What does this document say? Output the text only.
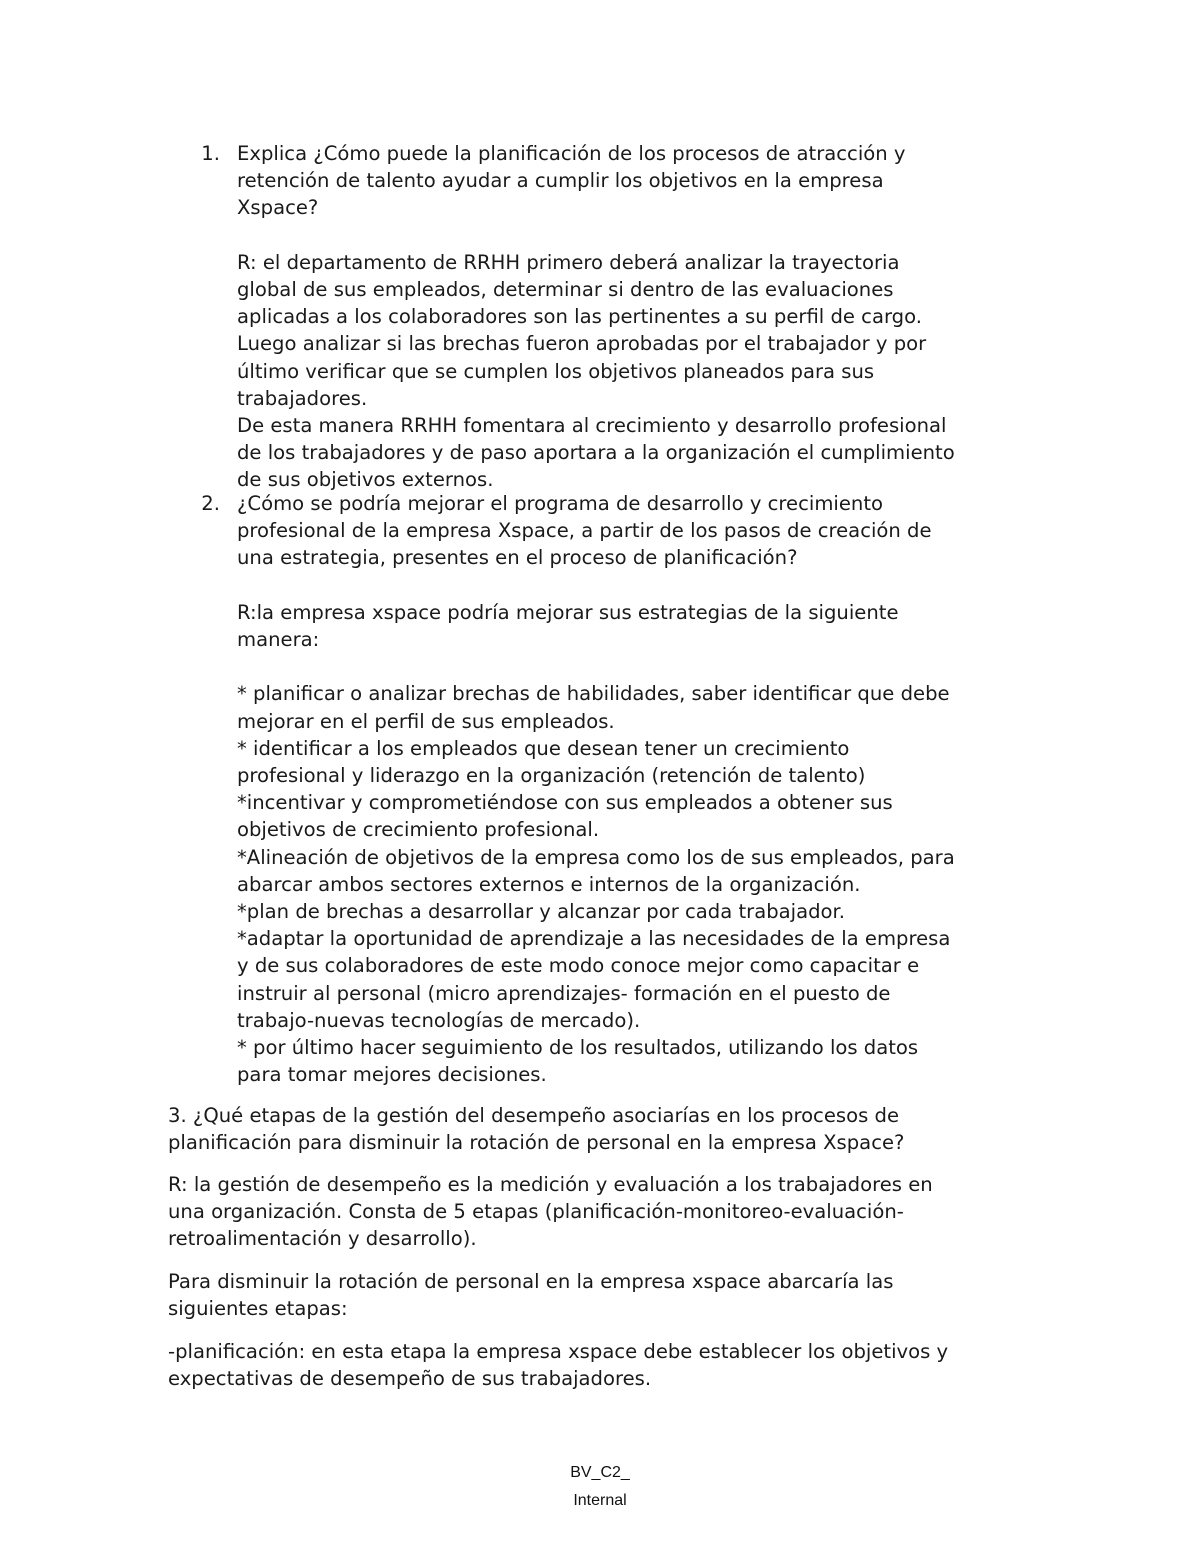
1. Explica ¿Cómo puede la planificación de los procesos de atracción y
retención de talento ayudar a cumplir los objetivos en la empresa
Xspace?
R: el departamento de RRHH primero deberá analizar la trayectoria
global de sus empleados, determinar si dentro de las evaluaciones
aplicadas a los colaboradores son las pertinentes a su perfil de cargo.
Luego analizar si las brechas fueron aprobadas por el trabajador y por
último verificar que se cumplen los objetivos planeados para sus
trabajadores.
De esta manera RRHH fomentara al crecimiento y desarrollo profesional
de los trabajadores y de paso aportara a la organización el cumplimiento
de sus objetivos externos.
2. ¿Cómo se podría mejorar el programa de desarrollo y crecimiento
profesional de la empresa Xspace, a partir de los pasos de creación de
una estrategia, presentes en el proceso de planificación?
R:la empresa xspace podría mejorar sus estrategias de la siguiente
manera:
* planificar o analizar brechas de habilidades, saber identificar que debe
mejorar en el perfil de sus empleados.
* identificar a los empleados que desean tener un crecimiento
profesional y liderazgo en la organización (retención de talento)
*incentivar y comprometiéndose con sus empleados a obtener sus
objetivos de crecimiento profesional.
*Alineación de objetivos de la empresa como los de sus empleados, para
abarcar ambos sectores externos e internos de la organización.
*plan de brechas a desarrollar y alcanzar por cada trabajador.
*adaptar la oportunidad de aprendizaje a las necesidades de la empresa
y de sus colaboradores de este modo conoce mejor como capacitar e
instruir al personal (micro aprendizajes- formación en el puesto de
trabajo-nuevas tecnologías de mercado).
* por último hacer seguimiento de los resultados, utilizando los datos
para tomar mejores decisiones.
3. ¿Qué etapas de la gestión del desempeño asociarías en los procesos de
planificación para disminuir la rotación de personal en la empresa Xspace?
R: la gestión de desempeño es la medición y evaluación a los trabajadores en
una organización. Consta de 5 etapas (planificación-monitoreo-evaluación-
retroalimentación y desarrollo).
Para disminuir la rotación de personal en la empresa xspace abarcaría las
siguientes etapas:
-planificación: en esta etapa la empresa xspace debe establecer los objetivos y
expectativas de desempeño de sus trabajadores.
BV_C2_
Internal
